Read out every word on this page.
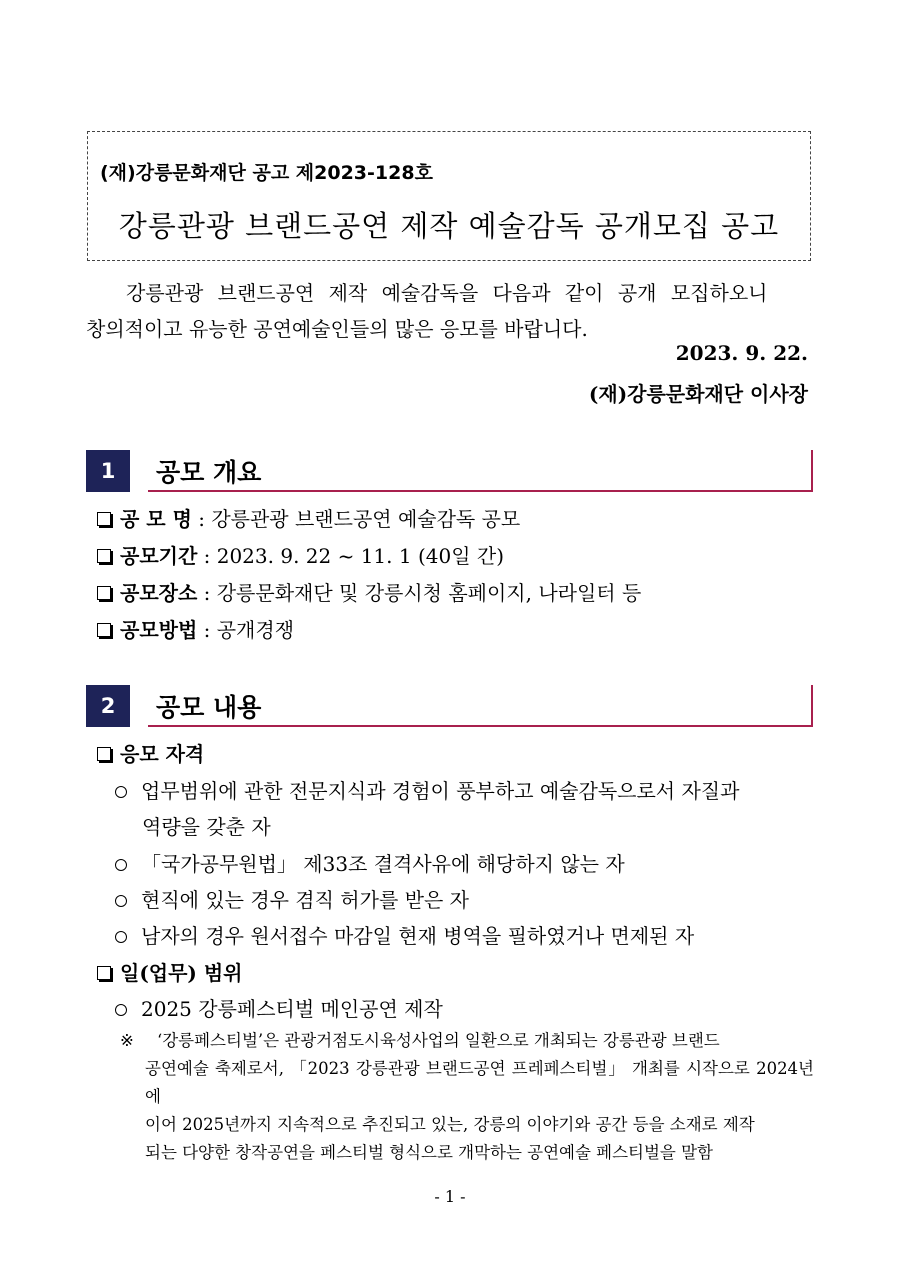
(재)강릉문화재단 공고 제2023-128호
강릉관광 브랜드공연 제작 예술감독 공개모집 공고
강릉관광 브랜드공연 제작 예술감독을 다음과 같이 공개 모집하오니
창의적이고 유능한 공연예술인들의 많은 응모를 바랍니다.
2023. 9. 22.
(재)강릉문화재단 이사장
1	공모 개요
공 모 명 : 강릉관광 브랜드공연 예술감독 공모
공모기간 : 2023. 9. 22 ~ 11. 1 (40일 간)
공모장소 : 강릉문화재단 및 강릉시청 홈페이지, 나라일터 등
공모방법 : 공개경쟁
2	공모 내용
응모 자격
업무범위에 관한 전문지식과 경험이 풍부하고 예술감독으로서 자질과
역량을 갖춘 자
「국가공무원법」 제33조 결격사유에 해당하지 않는 자
현직에 있는 경우 겸직 허가를 받은 자
남자의 경우 원서접수 마감일 현재 병역을 필하였거나 면제된 자
일(업무) 범위
2025 강릉페스티벌 메인공연 제작
※	‘강릉페스티벌’은 관광거점도시육성사업의 일환으로 개최되는 강릉관광 브랜드
공연예술 축제로서, 「2023 강릉관광 브랜드공연 프레페스티벌」 개최를 시작으로 2024년에
이어 2025년까지 지속적으로 추진되고 있는, 강릉의 이야기와 공간 등을 소재로 제작
되는 다양한 창작공연을 페스티벌 형식으로 개막하는 공연예술 페스티벌을 말함
- 1 -
